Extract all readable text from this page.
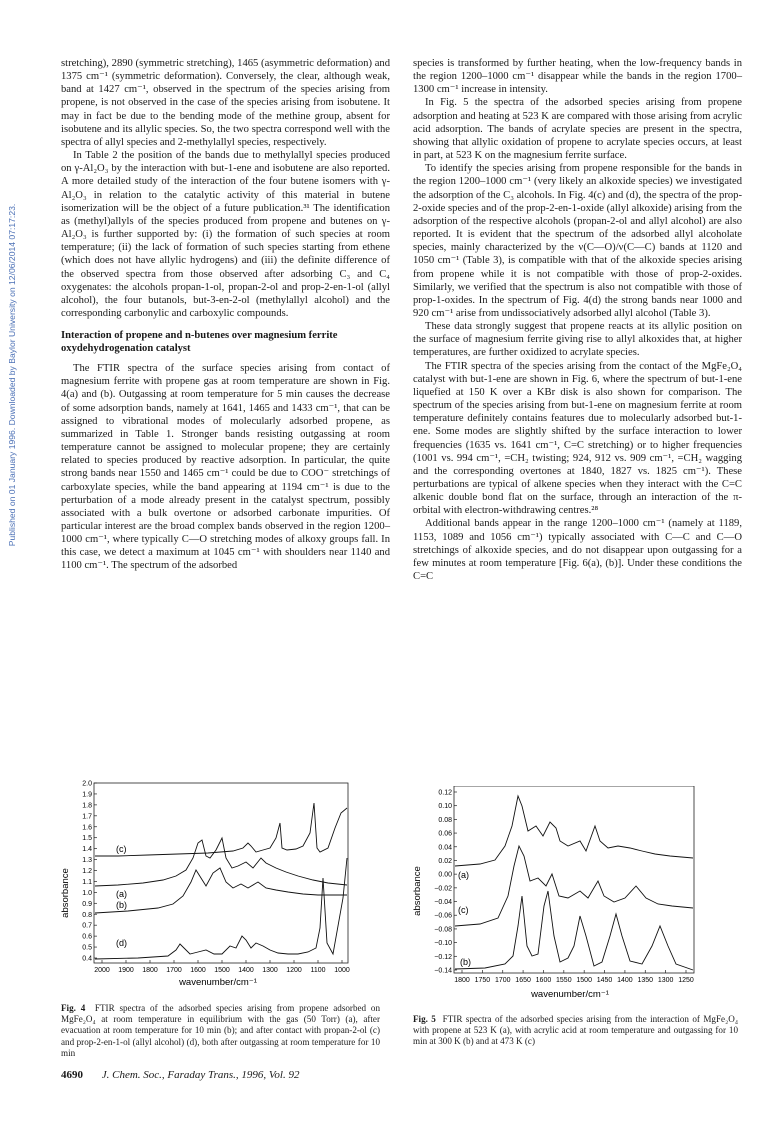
Published on 01 January 1996. Downloaded by Baylor University on 12/06/2014 07:17:23.

stretching), 2890 (symmetric stretching), 1465 (asymmetric deformation) and 1375 cm⁻¹ (symmetric deformation). Conversely, the clear, although weak, band at 1427 cm⁻¹, observed in the spectrum of the species arising from propene, is not observed in the case of the species arising from isobutene. It may in fact be due to the bending mode of the methine group, absent for isobutene and its allylic species. So, the two spectra correspond well with the spectra of allyl species and 2-methylallyl species, respectively.

In Table 2 the position of the bands due to methylallyl species produced on γ-Al₂O₃ by the interaction with but-1-ene and isobutene are also reported. A more detailed study of the interaction of the four butene isomers with γ-Al₂O₃ in relation to the catalytic activity of this material in butene isomerization will be the object of a future publication.³¹ The identification as (methyl)allyls of the species produced from propene and butenes on γ-Al₂O₃ is further supported by: (i) the formation of such species at room temperature; (ii) the lack of formation of such species starting from ethene (which does not have allylic hydrogens) and (iii) the definite difference of the observed spectra from those observed after adsorbing C₃ and C₄ oxygenates: the alcohols propan-1-ol, propan-2-ol and prop-2-en-1-ol (allyl alcohol), the four butanols, but-3-en-2-ol (methylallyl alcohol) and the corresponding carbonylic and carboxylic compounds.

Interaction of propene and n-butenes over magnesium ferrite oxydehydrogenation catalyst

The FTIR spectra of the surface species arising from contact of magnesium ferrite with propene gas at room temperature are shown in Fig. 4(a) and (b). Outgassing at room temperature for 5 min causes the decrease of some adsorption bands, namely at 1641, 1465 and 1433 cm⁻¹, that can be assigned to vibrational modes of molecularly adsorbed propene, as summarized in Table 1. Stronger bands resisting outgassing at room temperature cannot be assigned to molecular propene; they are certainly related to species produced by reactive adsorption. In particular, the quite strong bands near 1550 and 1465 cm⁻¹ could be due to COO⁻ stretchings of carboxylate species, while the band appearing at 1194 cm⁻¹ is due to the perturbation of a mode already present in the catalyst spectrum, possibly associated with a bulk overtone or adsorbed carbonate impurities. Of particular interest are the broad complex bands observed in the region 1200–1000 cm⁻¹, where typically C—O stretching modes of alkoxy groups fall. In this case, we detect a maximum at 1045 cm⁻¹ with shoulders near 1140 and 1100 cm⁻¹. The spectrum of the adsorbed

species is transformed by further heating, when the low-frequency bands in the region 1200–1000 cm⁻¹ disappear while the bands in the region 1700–1300 cm⁻¹ increase in intensity.

In Fig. 5 the spectra of the adsorbed species arising from propene adsorption and heating at 523 K are compared with those arising from acrylic acid adsorption. The bands of acrylate species are present in the spectra, showing that allylic oxidation of propene to acrylate species occurs, at least in part, at 523 K on the magnesium ferrite surface.

To identify the species arising from propene responsible for the bands in the region 1200–1000 cm⁻¹ (very likely an alkoxide species) we investigated the adsorption of the C₃ alcohols. In Fig. 4(c) and (d), the spectra of the prop-2-oxide species and of the prop-2-en-1-oxide (allyl alkoxide) arising from the adsorption of the respective alcohols (propan-2-ol and allyl alcohol) are also reported. It is evident that the spectrum of the adsorbed allyl alcoholate species, mainly characterized by the ν(C—O)/ν(C—C) bands at 1120 and 1050 cm⁻¹ (Table 3), is compatible with that of the alkoxide species arising from propene while it is not compatible with those of prop-2-oxides. Similarly, we verified that the spectrum is also not compatible with those of prop-1-oxides. In the spectrum of Fig. 4(d) the strong bands near 1000 and 920 cm⁻¹ arise from undissociatively adsorbed allyl alcohol (Table 3).

These data strongly suggest that propene reacts at its allylic position on the surface of magnesium ferrite giving rise to allyl alkoxides that, at higher temperatures, are further oxidized to acrylate species.

The FTIR spectra of the species arising from the contact of the MgFe₂O₄ catalyst with but-1-ene are shown in Fig. 6, where the spectrum of but-1-ene liquefied at 150 K over a KBr disk is also shown for comparison. The spectrum of the species arising from but-1-ene on magnesium ferrite at room temperature definitely contains features due to molecularly adsorbed but-1-ene. Some modes are slightly shifted by the surface interaction to lower frequencies (1635 vs. 1641 cm⁻¹, C=C stretching) or to higher frequencies (1001 vs. 994 cm⁻¹, =CH₂ twisting; 924, 912 vs. 909 cm⁻¹, =CH₂ wagging and the corresponding overtones at 1840, 1827 vs. 1825 cm⁻¹). These perturbations are typical of alkene species when they interact with the C=C alkenic double bond flat on the surface, through an interaction of the π-orbital with electron-withdrawing centres.²⁸

Additional bands appear in the range 1200–1000 cm⁻¹ (namely at 1189, 1153, 1089 and 1056 cm⁻¹) typically associated with C—C and C—O stretchings of alkoxide species, and do not disappear upon outgassing for a few minutes at room temperature [Fig. 6(a), (b)]. Under these conditions the C=C

absorbance
2.0
1.9
1.8
1.7
1.6
1.5
1.4
1.3
1.2
1.1
1.0
0.9
0.8
0.7
0.6
0.5
0.4
2000 1900 1800 1700 1600 1500 1400 1300 1200 1100 1000
wavenumber/cm⁻¹
(c)
(a)
(b)
(d)
Fig. 4 FTIR spectra of the adsorbed species arising from propene adsorbed on MgFe₂O₄ at room temperature in equilibrium with the gas (50 Torr) (a), after evacuation at room temperature for 10 min (b); and after contact with propan-2-ol (c) and prop-2-en-1-ol (allyl alcohol) (d), both after outgassing at room temperature for 10 min
absorbance
0.12
0.10
0.08
0.06
0.04
0.02
0.00
−0.02
−0.04
−0.06
−0.08
−0.10
−0.12
−0.14
1800 1750 1700 1650 1600 1550 1500 1450 1400 1350 1300 1250
wavenumber/cm⁻¹
(a)
(c)
(b)
Fig. 5 FTIR spectra of the adsorbed species arising from the interaction of MgFe₂O₄ with propene at 523 K (a), with acrylic acid at room temperature and outgassing for 10 min at 300 K (b) and at 473 K (c)
4690 J. Chem. Soc., Faraday Trans., 1996, Vol. 92
